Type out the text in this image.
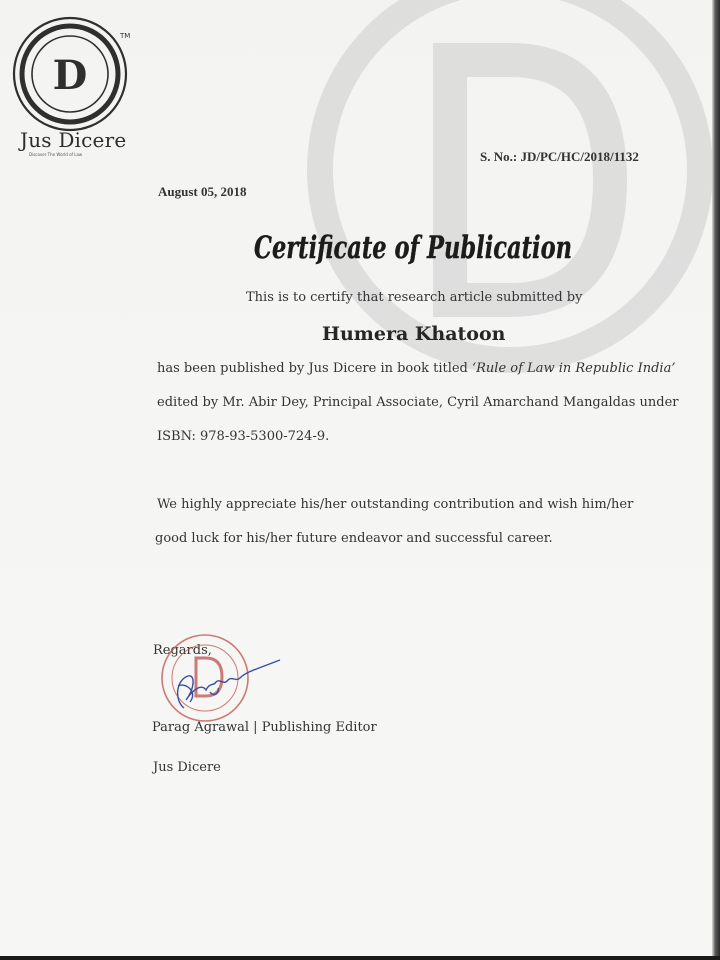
D
TM
Jus Dicere
Discover The World of Law	S. No.: JD/PC/HC/2018/1132
August 05, 2018
Certificate of Publication
This is to certify that research article submitted by
Humera Khatoon
has been published by Jus Dicere in book titled ‘Rule of Law in Republic India’
edited by Mr. Abir Dey, Principal Associate, Cyril Amarchand Mangaldas under
ISBN: 978-93-5300-724-9.
We highly appreciate his/her outstanding contribution and wish him/her
good luck for his/her future endeavor and successful career.
Regards,
Parag Agrawal | Publishing Editor
Jus Dicere
